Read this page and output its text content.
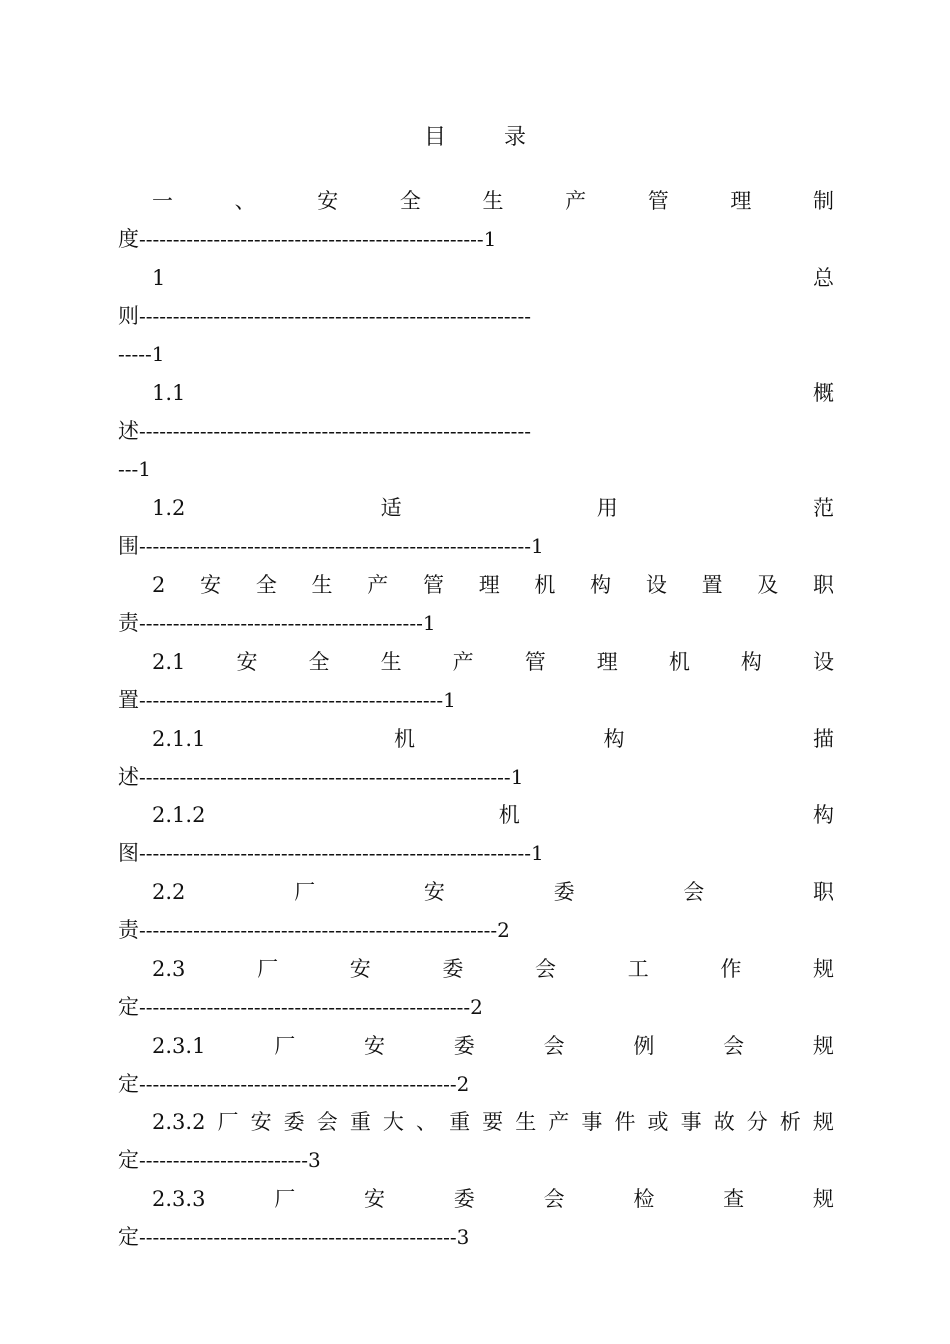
目	录
一	、	安	全	生	产	管	理	制
度---------------------------------------------------1
1	总
则----------------------------------------------------------
-----1
1.1	概
述----------------------------------------------------------
---1
1.2	适	用	范
围----------------------------------------------------------1
2 安 全 生 产 管 理 机 构 设 置 及 职
责------------------------------------------1
2.1 安 全 生 产 管 理 机 构 设
置---------------------------------------------1
2.1.1	机	构	描
述-------------------------------------------------------1
2.1.2	机	构
图----------------------------------------------------------1
2.2	厂	安	委	会	职
责-----------------------------------------------------2
2.3	厂	安	委	会	工	作	规
定-------------------------------------------------2
2.3.1	厂	安	委	会	例	会	规
定-----------------------------------------------2
2.3.2 厂 安 委 会 重 大 、 重 要 生 产 事 件 或 事 故 分 析 规
定-------------------------3
2.3.3	厂	安	委	会	检	查	规
定-----------------------------------------------3
